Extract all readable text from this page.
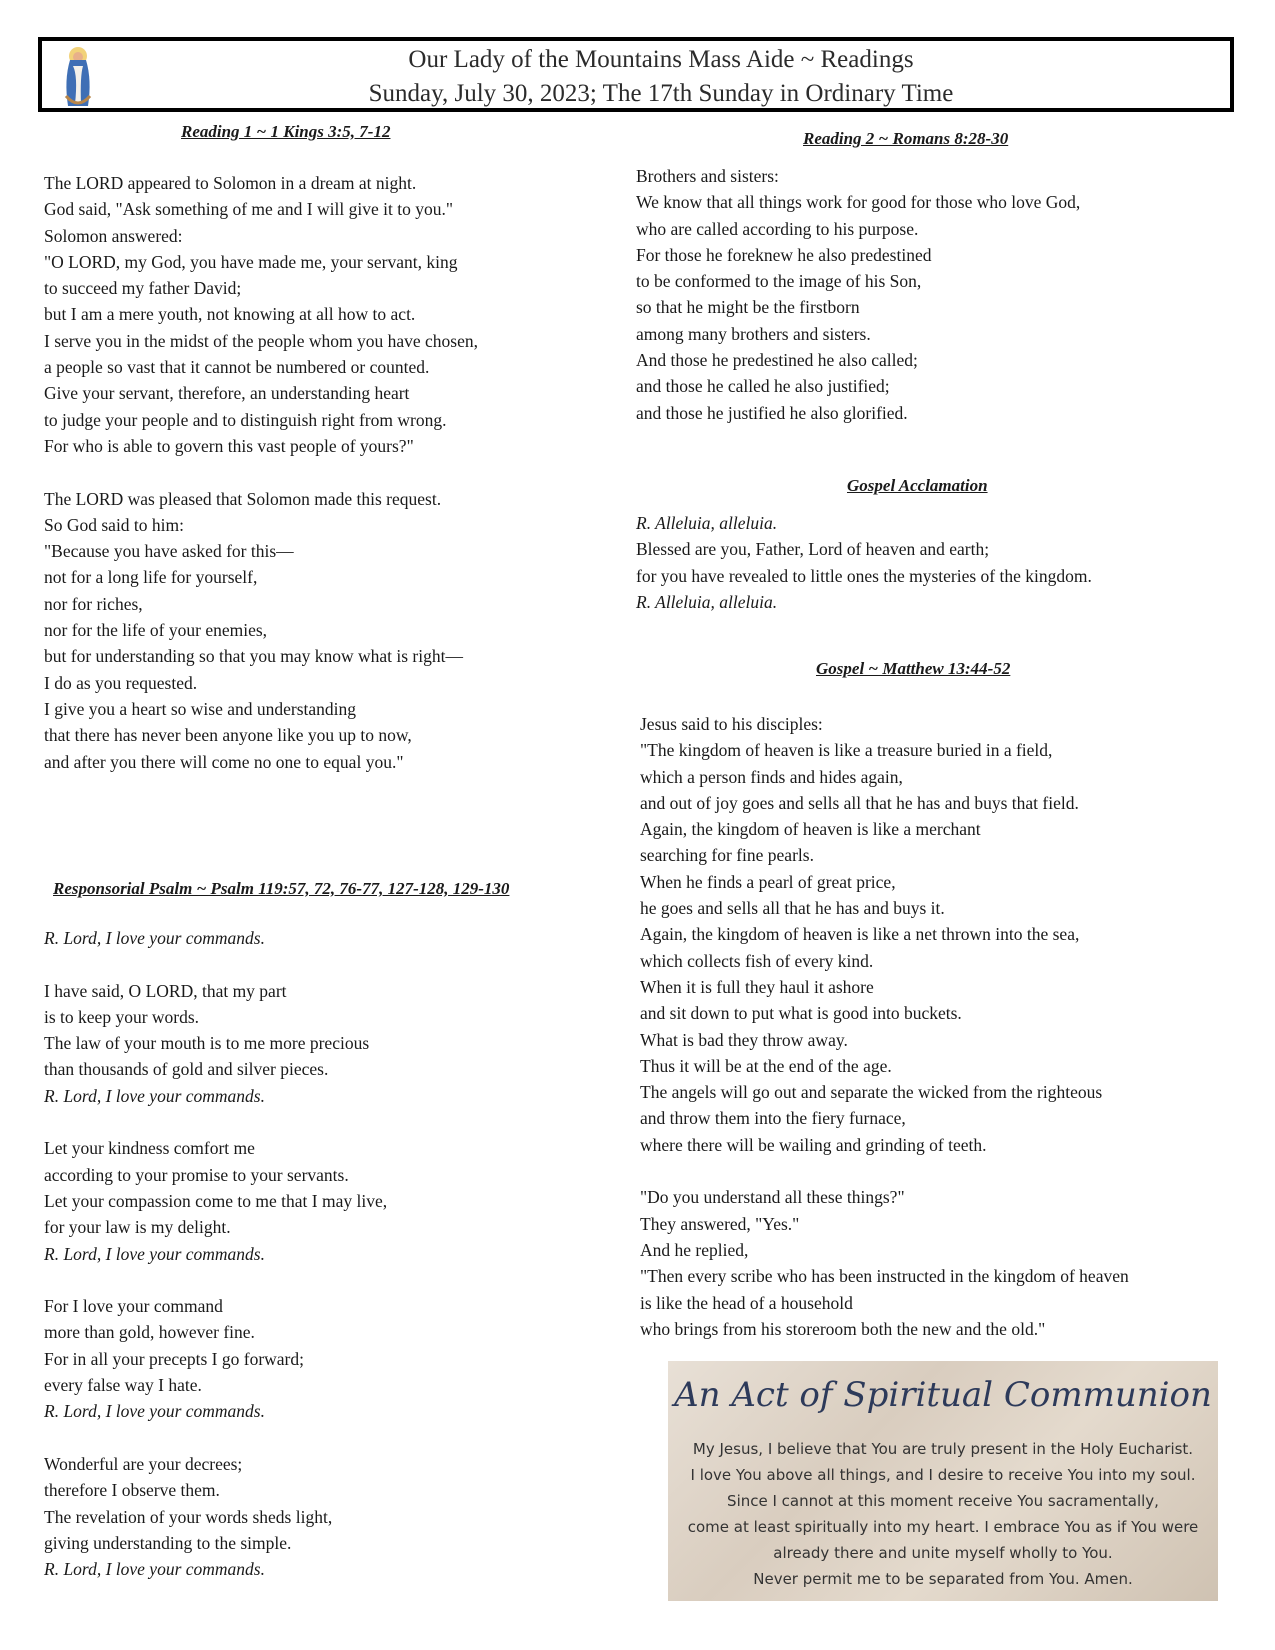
Our Lady of the Mountains Mass Aide ~ Readings
Sunday, July 30, 2023; The 17th Sunday in Ordinary Time
Reading 1 ~ 1 Kings 3:5, 7-12
The LORD appeared to Solomon in a dream at night.
God said, "Ask something of me and I will give it to you."
Solomon answered:
"O LORD, my God, you have made me, your servant, king
to succeed my father David;
but I am a mere youth, not knowing at all how to act.
I serve you in the midst of the people whom you have chosen,
a people so vast that it cannot be numbered or counted.
Give your servant, therefore, an understanding heart
to judge your people and to distinguish right from wrong.
For who is able to govern this vast people of yours?"
The LORD was pleased that Solomon made this request.
So God said to him:
"Because you have asked for this—
not for a long life for yourself,
nor for riches,
nor for the life of your enemies,
but for understanding so that you may know what is right—
I do as you requested.
I give you a heart so wise and understanding
that there has never been anyone like you up to now,
and after you there will come no one to equal you."
Responsorial Psalm ~ Psalm 119:57, 72, 76-77, 127-128, 129-130
R. Lord, I love your commands.
I have said, O LORD, that my part
is to keep your words.
The law of your mouth is to me more precious
than thousands of gold and silver pieces.
R. Lord, I love your commands.
Let your kindness comfort me
according to your promise to your servants.
Let your compassion come to me that I may live,
for your law is my delight.
R. Lord, I love your commands.
For I love your command
more than gold, however fine.
For in all your precepts I go forward;
every false way I hate.
R. Lord, I love your commands.
Wonderful are your decrees;
therefore I observe them.
The revelation of your words sheds light,
giving understanding to the simple.
R. Lord, I love your commands.
Reading 2 ~ Romans 8:28-30
Brothers and sisters:
We know that all things work for good for those who love God,
who are called according to his purpose.
For those he foreknew he also predestined
to be conformed to the image of his Son,
so that he might be the firstborn
among many brothers and sisters.
And those he predestined he also called;
and those he called he also justified;
and those he justified he also glorified.
Gospel Acclamation
R. Alleluia, alleluia.
Blessed are you, Father, Lord of heaven and earth;
for you have revealed to little ones the mysteries of the kingdom.
R. Alleluia, alleluia.
Gospel ~ Matthew 13:44-52
Jesus said to his disciples:
"The kingdom of heaven is like a treasure buried in a field,
which a person finds and hides again,
and out of joy goes and sells all that he has and buys that field.
Again, the kingdom of heaven is like a merchant
searching for fine pearls.
When he finds a pearl of great price,
he goes and sells all that he has and buys it.
Again, the kingdom of heaven is like a net thrown into the sea,
which collects fish of every kind.
When it is full they haul it ashore
and sit down to put what is good into buckets.
What is bad they throw away.
Thus it will be at the end of the age.
The angels will go out and separate the wicked from the righteous
and throw them into the fiery furnace,
where there will be wailing and grinding of teeth.
"Do you understand all these things?"
They answered, "Yes."
And he replied,
"Then every scribe who has been instructed in the kingdom of heaven
is like the head of a household
who brings from his storeroom both the new and the old."
An Act of Spiritual Communion
My Jesus, I believe that You are truly present in the Holy Eucharist.
I love You above all things, and I desire to receive You into my soul.
Since I cannot at this moment receive You sacramentally,
come at least spiritually into my heart. I embrace You as if You were
already there and unite myself wholly to You.
Never permit me to be separated from You. Amen.
